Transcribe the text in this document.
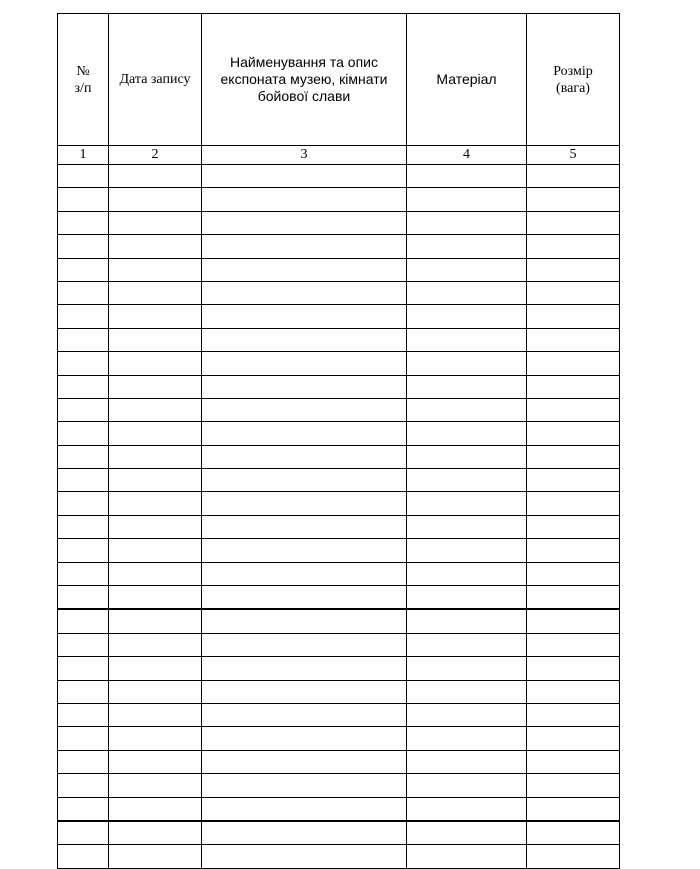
№
з/п	Дата запису	Найменування та опис експоната музею, кімнати бойової слави	Матеріал	Розмір (вага)
1	2	3	4	5
